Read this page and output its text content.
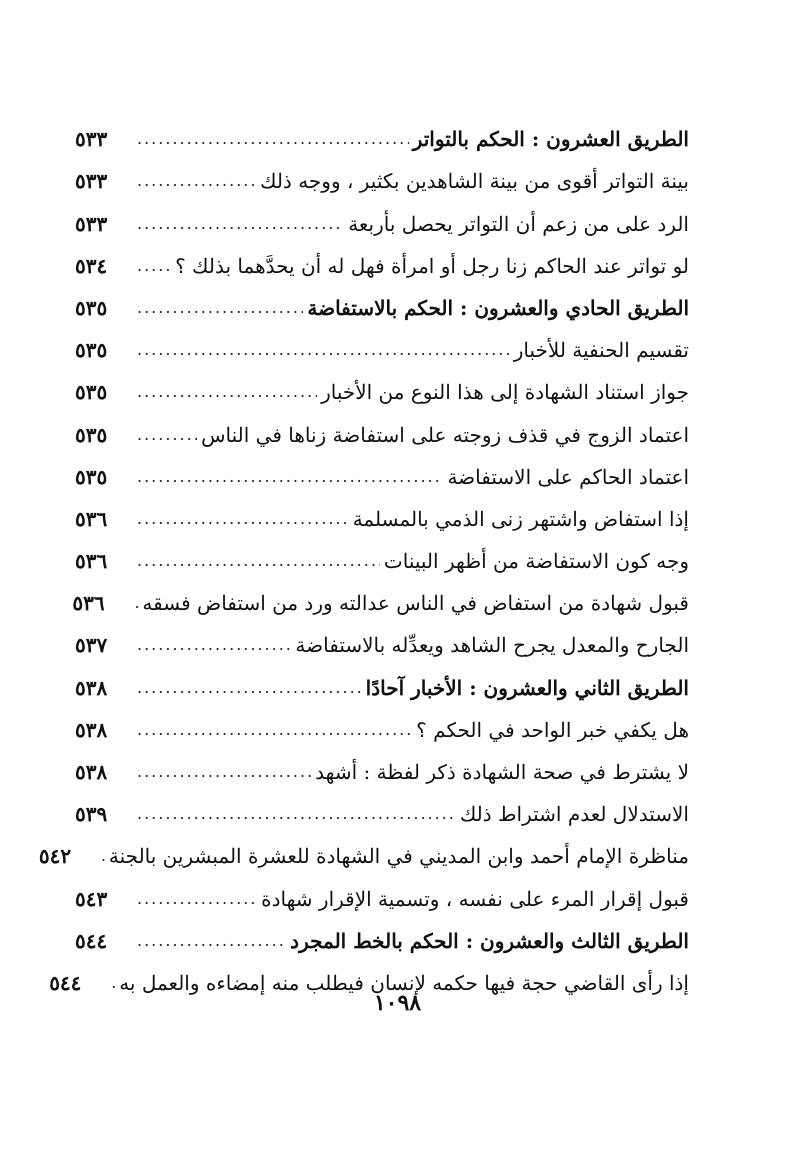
الطريق العشرون : الحكم بالتواتر
.....
٥٣٣
بينة التواتر أقوى من بينة الشاهدين بكثير ، ووجه ذلك
.....
٥٣٣
الرد على من زعم أن التواتر يحصل بأربعة
.....
٥٣٣
لو تواتر عند الحاكم زنا رجل أو امرأة فهل له أن يحدَّهما بذلك ؟
.....
٥٣٤
الطريق الحادي والعشرون : الحكم بالاستفاضة
.....
٥٣٥
تقسيم الحنفية للأخبار
.....
٥٣٥
جواز استناد الشهادة إلى هذا النوع من الأخبار
.....
٥٣٥
اعتماد الزوج في قذف زوجته على استفاضة زناها في الناس
.....
٥٣٥
اعتماد الحاكم على الاستفاضة
.....
٥٣٥
إذا استفاض واشتهر زنى الذمي بالمسلمة
.....
٥٣٦
وجه كون الاستفاضة من أظهر البينات
.....
٥٣٦
قبول شهادة من استفاض في الناس عدالته ورد من استفاض فسقه
.....
٥٣٦
الجارح والمعدل يجرح الشاهد ويعدِّله بالاستفاضة
.....
٥٣٧
الطريق الثاني والعشرون : الأخبار آحادًا
.....
٥٣٨
هل يكفي خبر الواحد في الحكم ؟
.....
٥٣٨
لا يشترط في صحة الشهادة ذكر لفظة : أشهد
.....
٥٣٨
الاستدلال لعدم اشتراط ذلك
.....
٥٣٩
مناظرة الإمام أحمد وابن المديني في الشهادة للعشرة المبشرين بالجنة
.....
٥٤٢
قبول إقرار المرء على نفسه ، وتسمية الإقرار شهادة
.....
٥٤٣
الطريق الثالث والعشرون : الحكم بالخط المجرد
.....
٥٤٤
إذا رأى القاضي حجة فيها حكمه لإنسان فيطلب منه إمضاءه والعمل به
.....
٥٤٤
١٠٩٨
